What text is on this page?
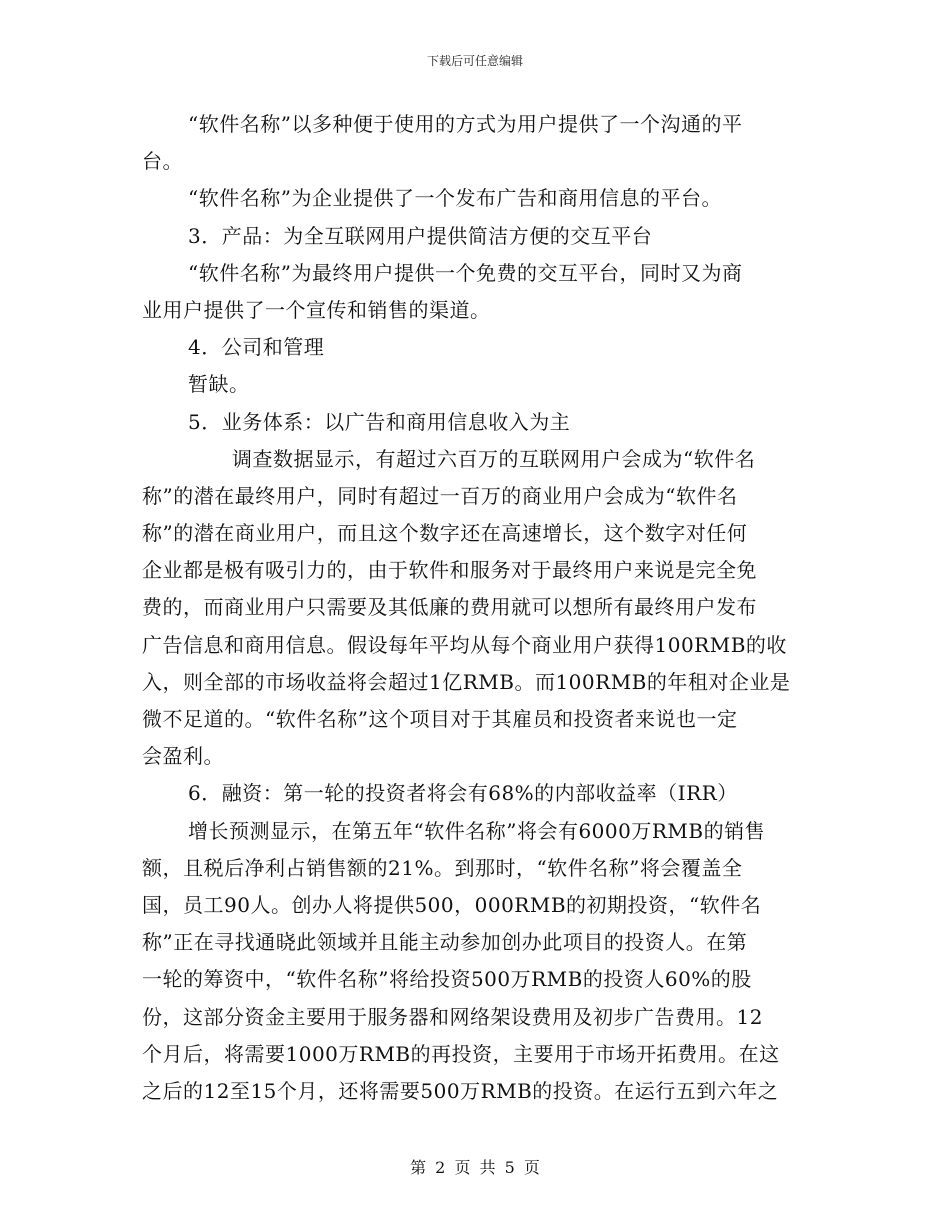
下载后可任意编辑
“软件名称”以多种便于使用的方式为用户提供了一个沟通的平
台。
“软件名称”为企业提供了一个发布广告和商用信息的平台。
3．产品：为全互联网用户提供简洁方便的交互平台
“软件名称”为最终用户提供一个免费的交互平台，同时又为商
业用户提供了一个宣传和销售的渠道。
4．公司和管理
暂缺。
5．业务体系：以广告和商用信息收入为主
调查数据显示，有超过六百万的互联网用户会成为“软件名
称”的潜在最终用户，同时有超过一百万的商业用户会成为“软件名
称”的潜在商业用户，而且这个数字还在高速增长，这个数字对任何
企业都是极有吸引力的，由于软件和服务对于最终用户来说是完全免
费的，而商业用户只需要及其低廉的费用就可以想所有最终用户发布
广告信息和商用信息。假设每年平均从每个商业用户获得100RMB的收
入，则全部的市场收益将会超过1亿RMB。而100RMB的年租对企业是
微不足道的。“软件名称”这个项目对于其雇员和投资者来说也一定
会盈利。
6．融资：第一轮的投资者将会有68%的内部收益率（IRR）
增长预测显示，在第五年“软件名称”将会有6000万RMB的销售
额，且税后净利占销售额的21%。到那时，“软件名称”将会覆盖全
国，员工90人。创办人将提供500，000RMB的初期投资，“软件名
称”正在寻找通晓此领域并且能主动参加创办此项目的投资人。在第
一轮的筹资中，“软件名称”将给投资500万RMB的投资人60%的股
份，这部分资金主要用于服务器和网络架设费用及初步广告费用。12
个月后，将需要1000万RMB的再投资，主要用于市场开拓费用。在这
之后的12至15个月，还将需要500万RMB的投资。在运行五到六年之
第 2 页 共 5 页
